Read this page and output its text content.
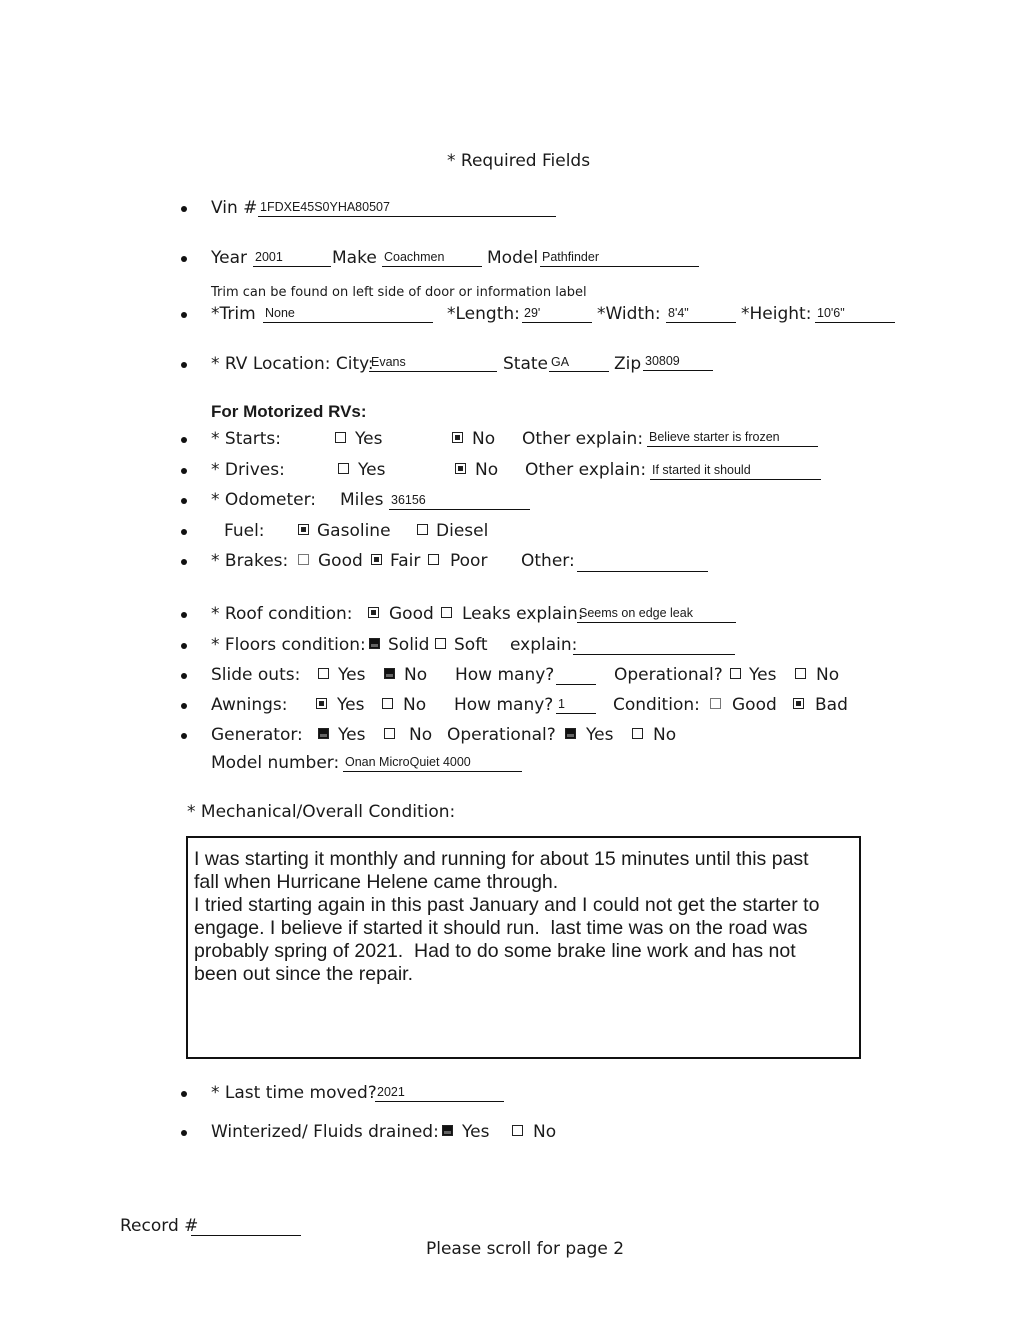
* Required Fields
Vin # 1FDXE45S0YHA80507
Year 2001	Make Coachmen	Model Pathfinder
Trim can be found on left side of door or information label
*Trim None	*Length: 29'	*Width: 8'4"	*Height: 10'6"
* RV Location: City:
Evans	State GA	Zip 30809
For Motorized RVs:
* Starts:	Yes	No Other explain: Believe starter is frozen
* Drives:	Yes	No Other explain: If started it should
* Odometer: Miles 36156
Fuel:	Gasoline	Diesel
* Brakes: Good Fair Poor Other:
* Roof condition: Good Leaks explain:
Seems on edge leak
* Floors condition: Solid Soft explain:
Slide outs: Yes No How many?	Operational? Yes No
Awnings:	Yes No How many? 1	Condition: Good Bad
Generator: Yes	No Operational? Yes No
Model number: Onan MicroQuiet 4000
* Mechanical/Overall Condition:
I was starting it monthly and running for about 15 minutes until this past
fall when Hurricane Helene came through.
I tried starting again in this past January and I could not get the starter to
engage. I believe if started it should run.  last time was on the road was
probably spring of 2021.  Had to do some brake line work and has not
been out since the repair.
* Last time moved? 2021
Winterized/ Fluids drained: Yes	No
Record #
Please scroll for page 2
